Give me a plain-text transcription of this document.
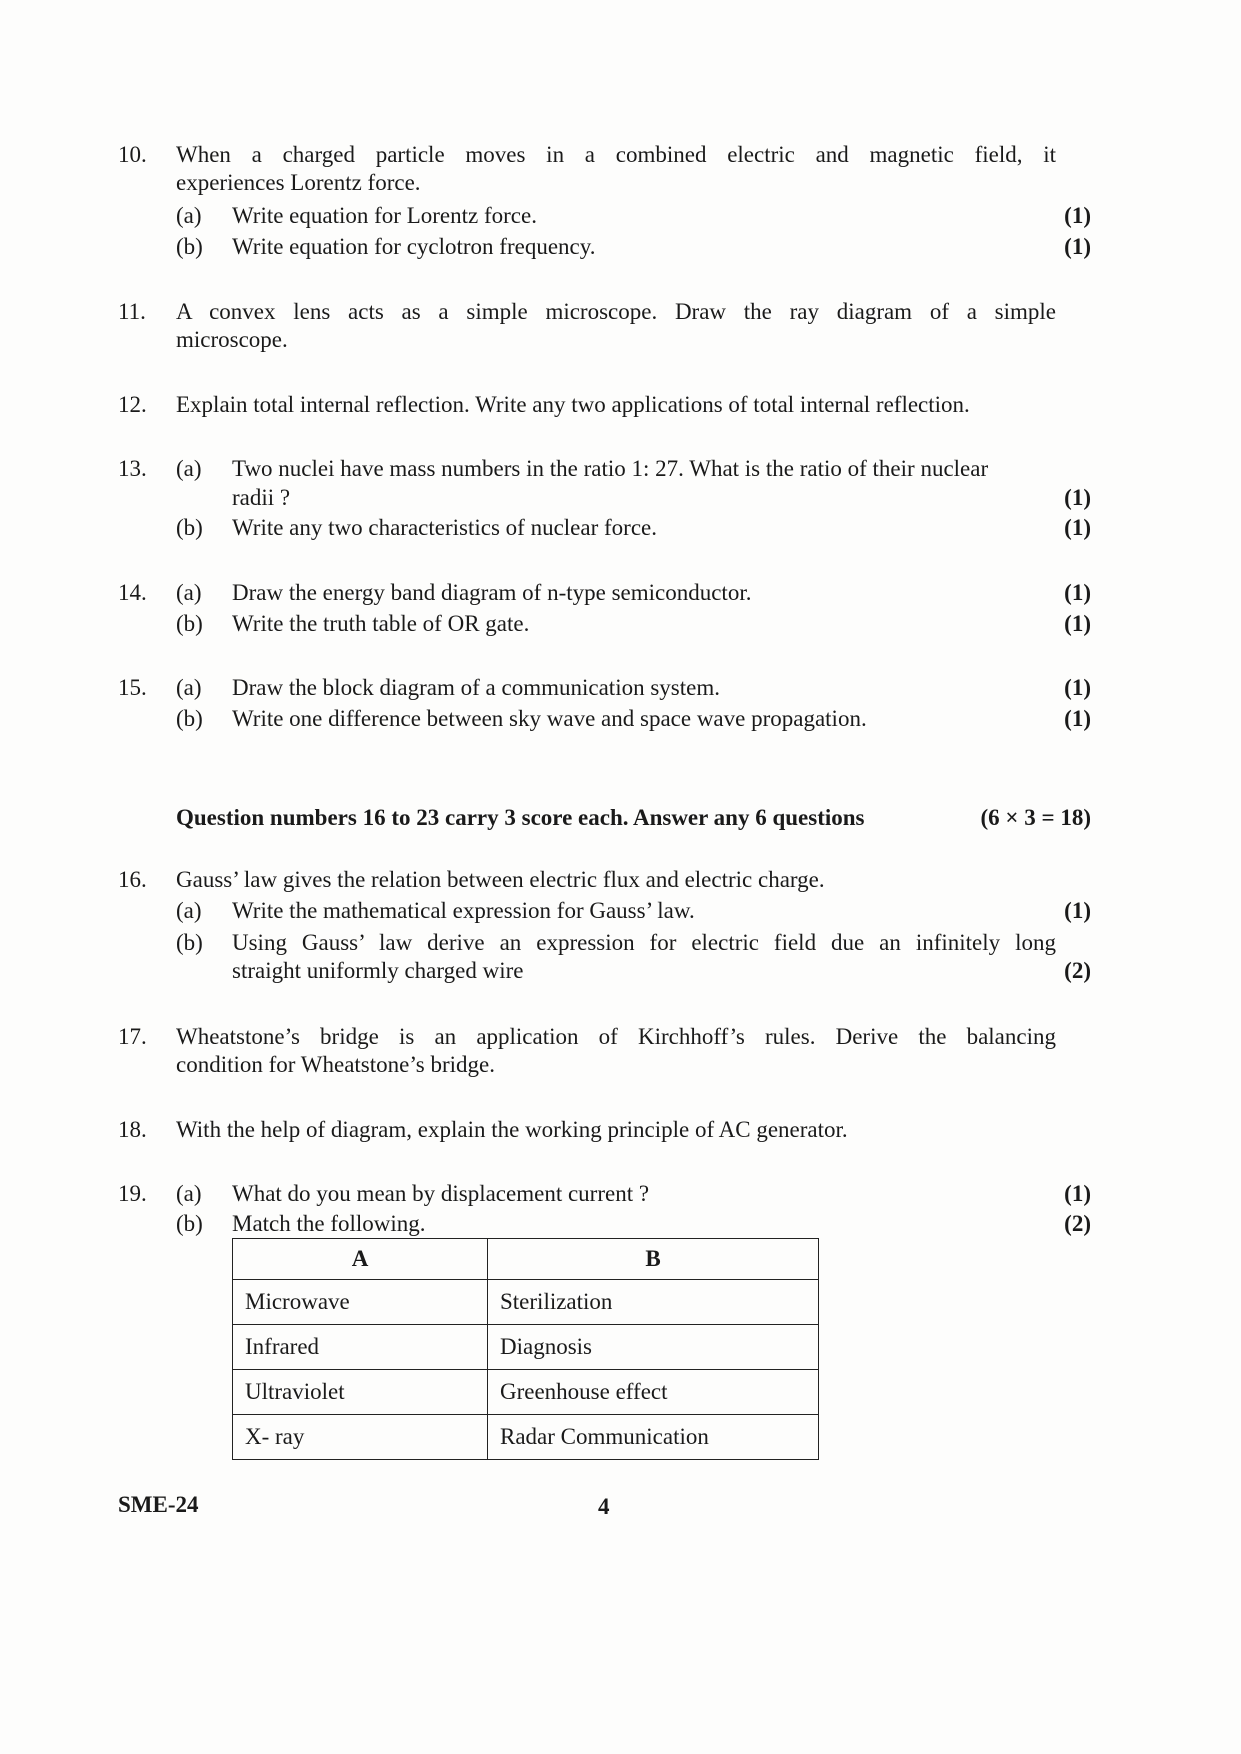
10. When a charged particle moves in a combined electric and magnetic field, it
experiences Lorentz force.
(a) Write equation for Lorentz force.	(1)
(b) Write equation for cyclotron frequency.	(1)
11. A convex lens acts as a simple microscope. Draw the ray diagram of a simple
microscope.
12. Explain total internal reflection. Write any two applications of total internal reflection.
13. (a) Two nuclei have mass numbers in the ratio 1: 27. What is the ratio of their nuclear
radii ?	(1)
(b) Write any two characteristics of nuclear force.	(1)
14. (a) Draw the energy band diagram of n-type semiconductor.	(1)
(b) Write the truth table of OR gate.	(1)
15. (a) Draw the block diagram of a communication system.	(1)
(b) Write one difference between sky wave and space wave propagation.	(1)
Question numbers 16 to 23 carry 3 score each. Answer any 6 questions	(6 × 3 = 18)
16. Gauss’ law gives the relation between electric flux and electric charge.
(a) Write the mathematical expression for Gauss’ law.	(1)
(b) Using Gauss’ law derive an expression for electric field due an infinitely long
straight uniformly charged wire	(2)
17. Wheatstone’s bridge is an application of Kirchhoff’s rules. Derive the balancing
condition for Wheatstone’s bridge.
18. With the help of diagram, explain the working principle of AC generator.
19. (a) What do you mean by displacement current ?	(1)
(b) Match the following.	(2)
A	B
Microwave	Sterilization
Infrared	Diagnosis
Ultraviolet	Greenhouse effect
X- ray	Radar Communication
SME-24	4
